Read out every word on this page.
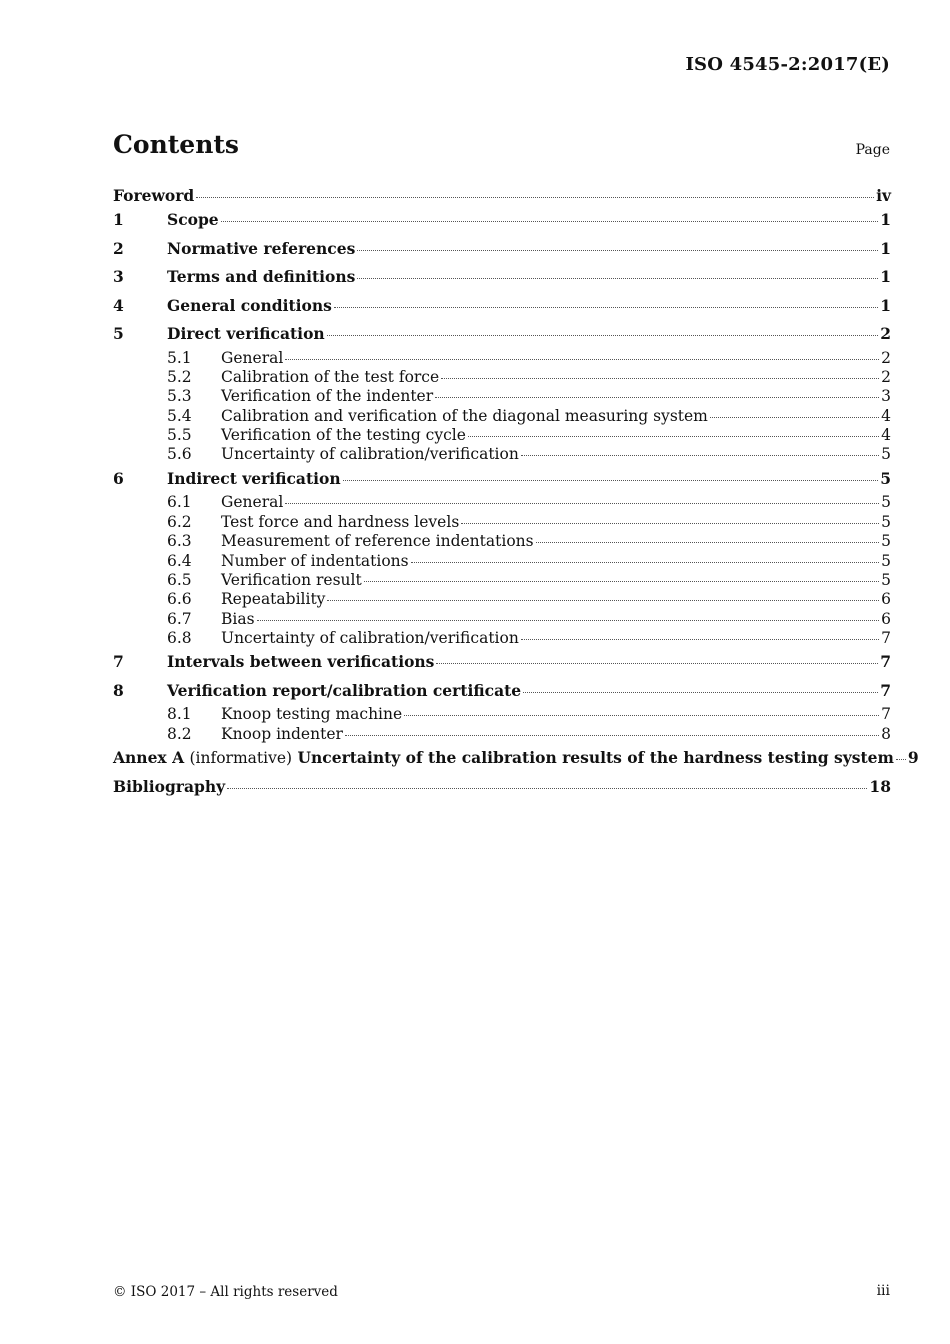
ISO 4545-2:2017(E)
Contents	Page
Foreword	iv
1	Scope	1
2	Normative references	1
3	Terms and definitions	1
4	General conditions	1
5	Direct verification	2
5.1	General	2
5.2	Calibration of the test force	2
5.3	Verification of the indenter	3
5.4	Calibration and verification of the diagonal measuring system	4
5.5	Verification of the testing cycle	4
5.6	Uncertainty of calibration/verification	5
6	Indirect verification	5
6.1	General	5
6.2	Test force and hardness levels	5
6.3	Measurement of reference indentations	5
6.4	Number of indentations	5
6.5	Verification result	5
6.6	Repeatability	6
6.7	Bias	6
6.8	Uncertainty of calibration/verification	7
7	Intervals between verifications	7
8	Verification report/calibration certificate	7
8.1	Knoop testing machine	7
8.2	Knoop indenter	8
Annex A (informative) Uncertainty of the calibration results of the hardness testing system 9
Bibliography	18
© ISO 2017 – All rights reserved	iii
